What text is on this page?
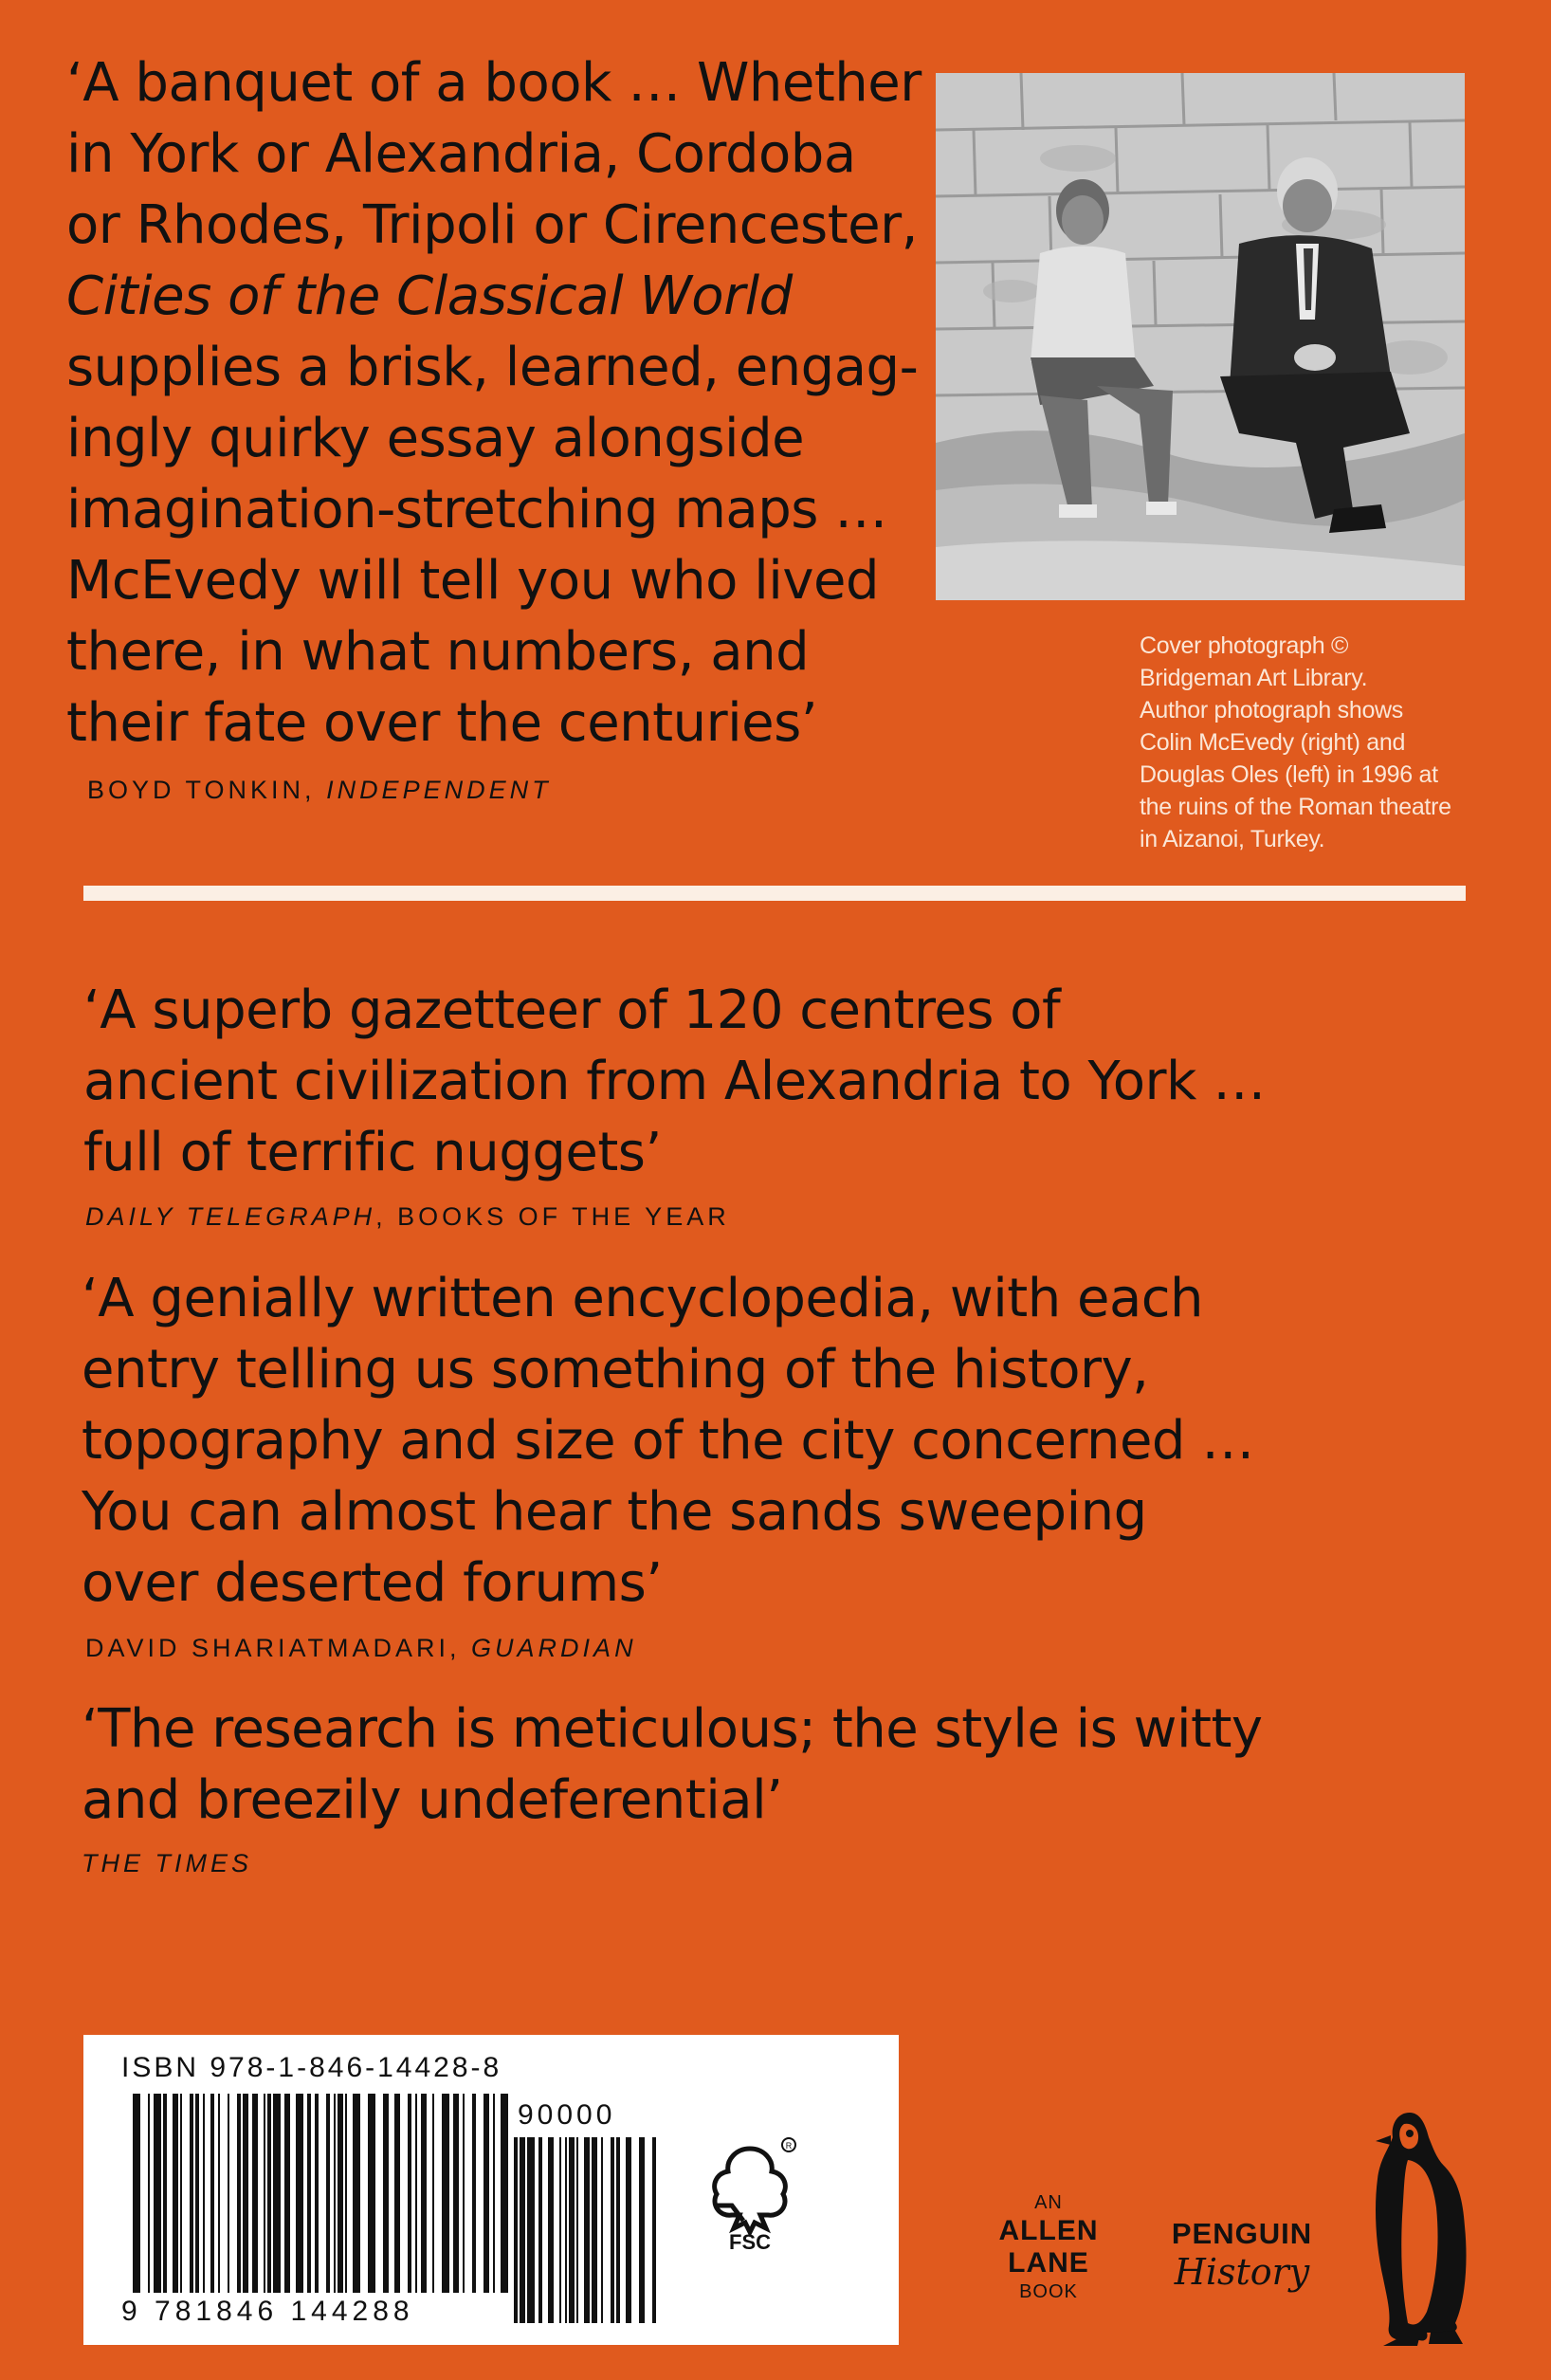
‘A banquet of a book … Whether
in York or Alexandria, Cordoba
or Rhodes, Tripoli or Cirencester,
Cities of the Classical World
supplies a brisk, learned, engag-
ingly quirky essay alongside
imagination-stretching maps …
McEvedy will tell you who lived
there, in what numbers, and
their fate over the centuries’
BOYD TONKIN, INDEPENDENT
Cover photograph ©
Bridgeman Art Library.
Author photograph shows
Colin McEvedy (right) and
Douglas Oles (left) in 1996 at
the ruins of the Roman theatre
in Aizanoi, Turkey.
‘A superb gazetteer of 120 centres of
ancient civilization from Alexandria to York …
full of terrific nuggets’
DAILY TELEGRAPH, BOOKS OF THE YEAR
‘A genially written encyclopedia, with each
entry telling us something of the history,
topography and size of the city concerned …
You can almost hear the sands sweeping
over deserted forums’
DAVID SHARIATMADARI, GUARDIAN
‘The research is meticulous; the style is witty
and breezily undeferential’
THE TIMES
ISBN 978-1-846-14428-8
9 781846 144288
90000
R
FSC
AN
ALLEN
LANE
BOOK
PENGUIN
History
